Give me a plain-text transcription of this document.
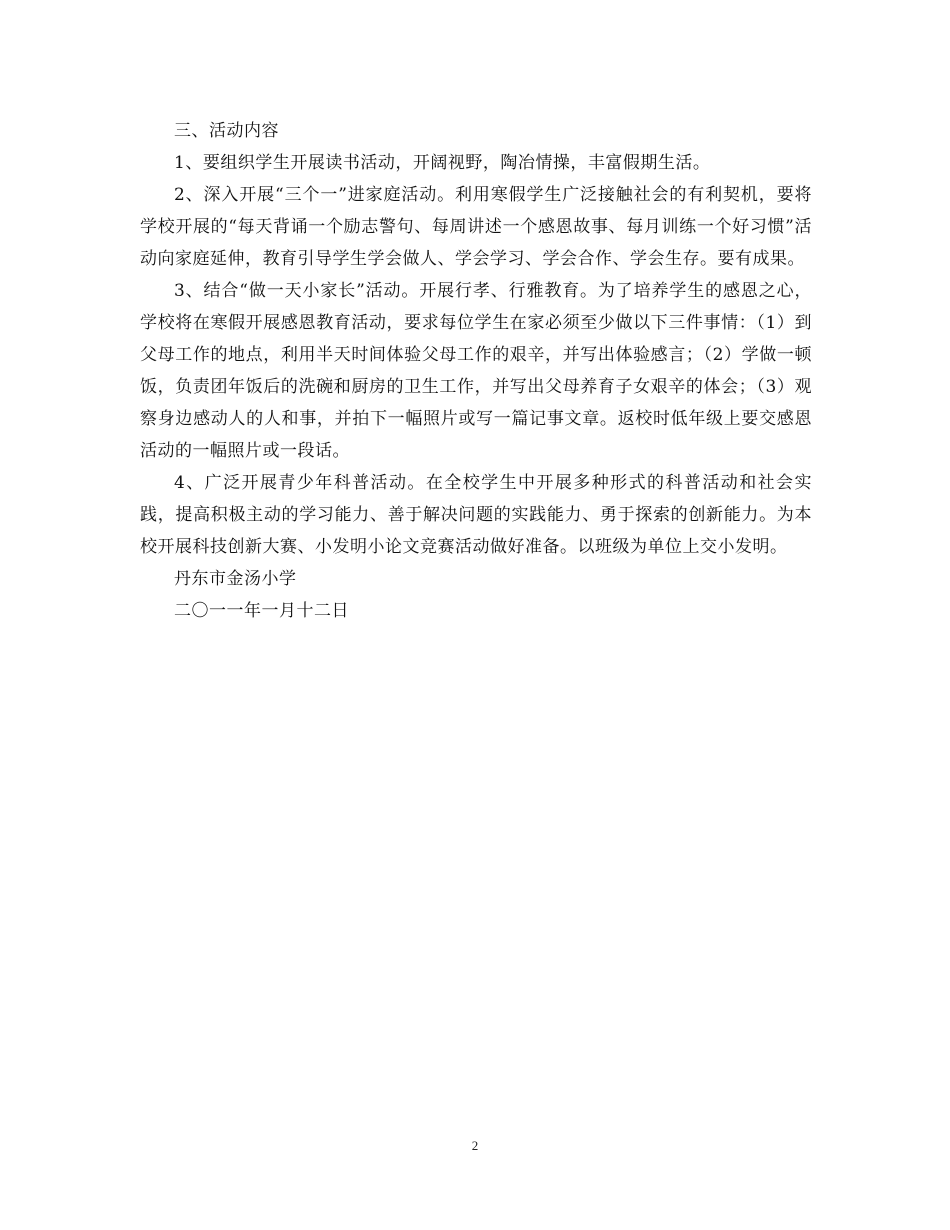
三、活动内容

1、要组织学生开展读书活动，开阔视野，陶冶情操，丰富假期生活。

2、深入开展“三个一”进家庭活动。利用寒假学生广泛接触社会的有利契机，要将学校开展的“每天背诵一个励志警句、每周讲述一个感恩故事、每月训练一个好习惯”活动向家庭延伸，教育引导学生学会做人、学会学习、学会合作、学会生存。要有成果。

3、结合“做一天小家长”活动。开展行孝、行雅教育。为了培养学生的感恩之心，学校将在寒假开展感恩教育活动，要求每位学生在家必须至少做以下三件事情：（1）到父母工作的地点，利用半天时间体验父母工作的艰辛，并写出体验感言；（2）学做一顿饭，负责团年饭后的洗碗和厨房的卫生工作，并写出父母养育子女艰辛的体会；（3）观察身边感动人的人和事，并拍下一幅照片或写一篇记事文章。返校时低年级上要交感恩活动的一幅照片或一段话。

4、广泛开展青少年科普活动。在全校学生中开展多种形式的科普活动和社会实践，提高积极主动的学习能力、善于解决问题的实践能力、勇于探索的创新能力。为本校开展科技创新大赛、小发明小论文竞赛活动做好准备。以班级为单位上交小发明。

丹东市金汤小学

二〇一一年一月十二日

2
